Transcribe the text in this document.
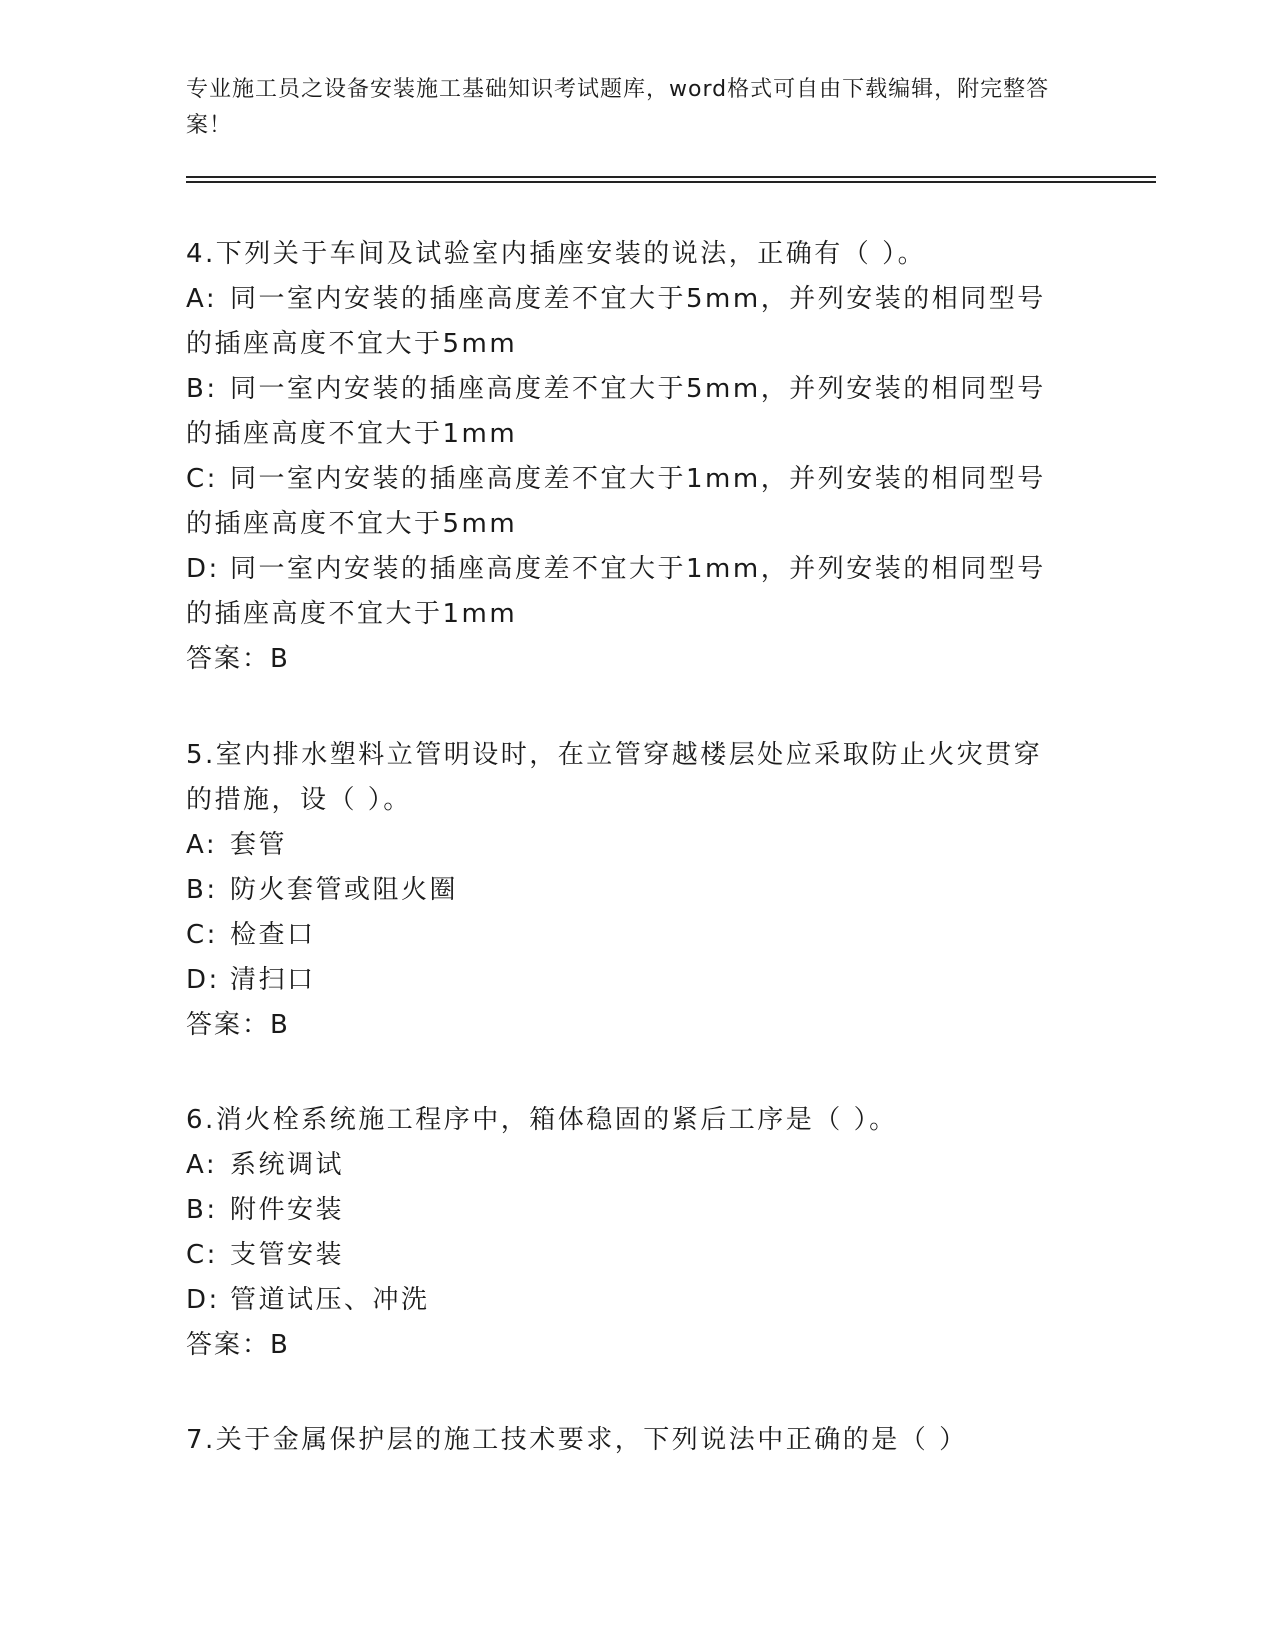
专业施工员之设备安装施工基础知识考试题库，word格式可自由下载编辑，附完整答案！

4.下列关于车间及试验室内插座安装的说法，正确有（ ）。

A: 同一室内安装的插座高度差不宜大于5mm，并列安装的相同型号的插座高度不宜大于5mm

B: 同一室内安装的插座高度差不宜大于5mm，并列安装的相同型号的插座高度不宜大于1mm

C: 同一室内安装的插座高度差不宜大于1mm，并列安装的相同型号的插座高度不宜大于5mm

D: 同一室内安装的插座高度差不宜大于1mm，并列安装的相同型号的插座高度不宜大于1mm

答案：B

5.室内排水塑料立管明设时，在立管穿越楼层处应采取防止火灾贯穿的措施，设（ ）。

A: 套管

B: 防火套管或阻火圈

C: 检查口

D: 清扫口

答案：B

6.消火栓系统施工程序中，箱体稳固的紧后工序是（ ）。

A: 系统调试

B: 附件安装

C: 支管安装

D: 管道试压、冲洗

答案：B

7.关于金属保护层的施工技术要求，下列说法中正确的是（ ）
